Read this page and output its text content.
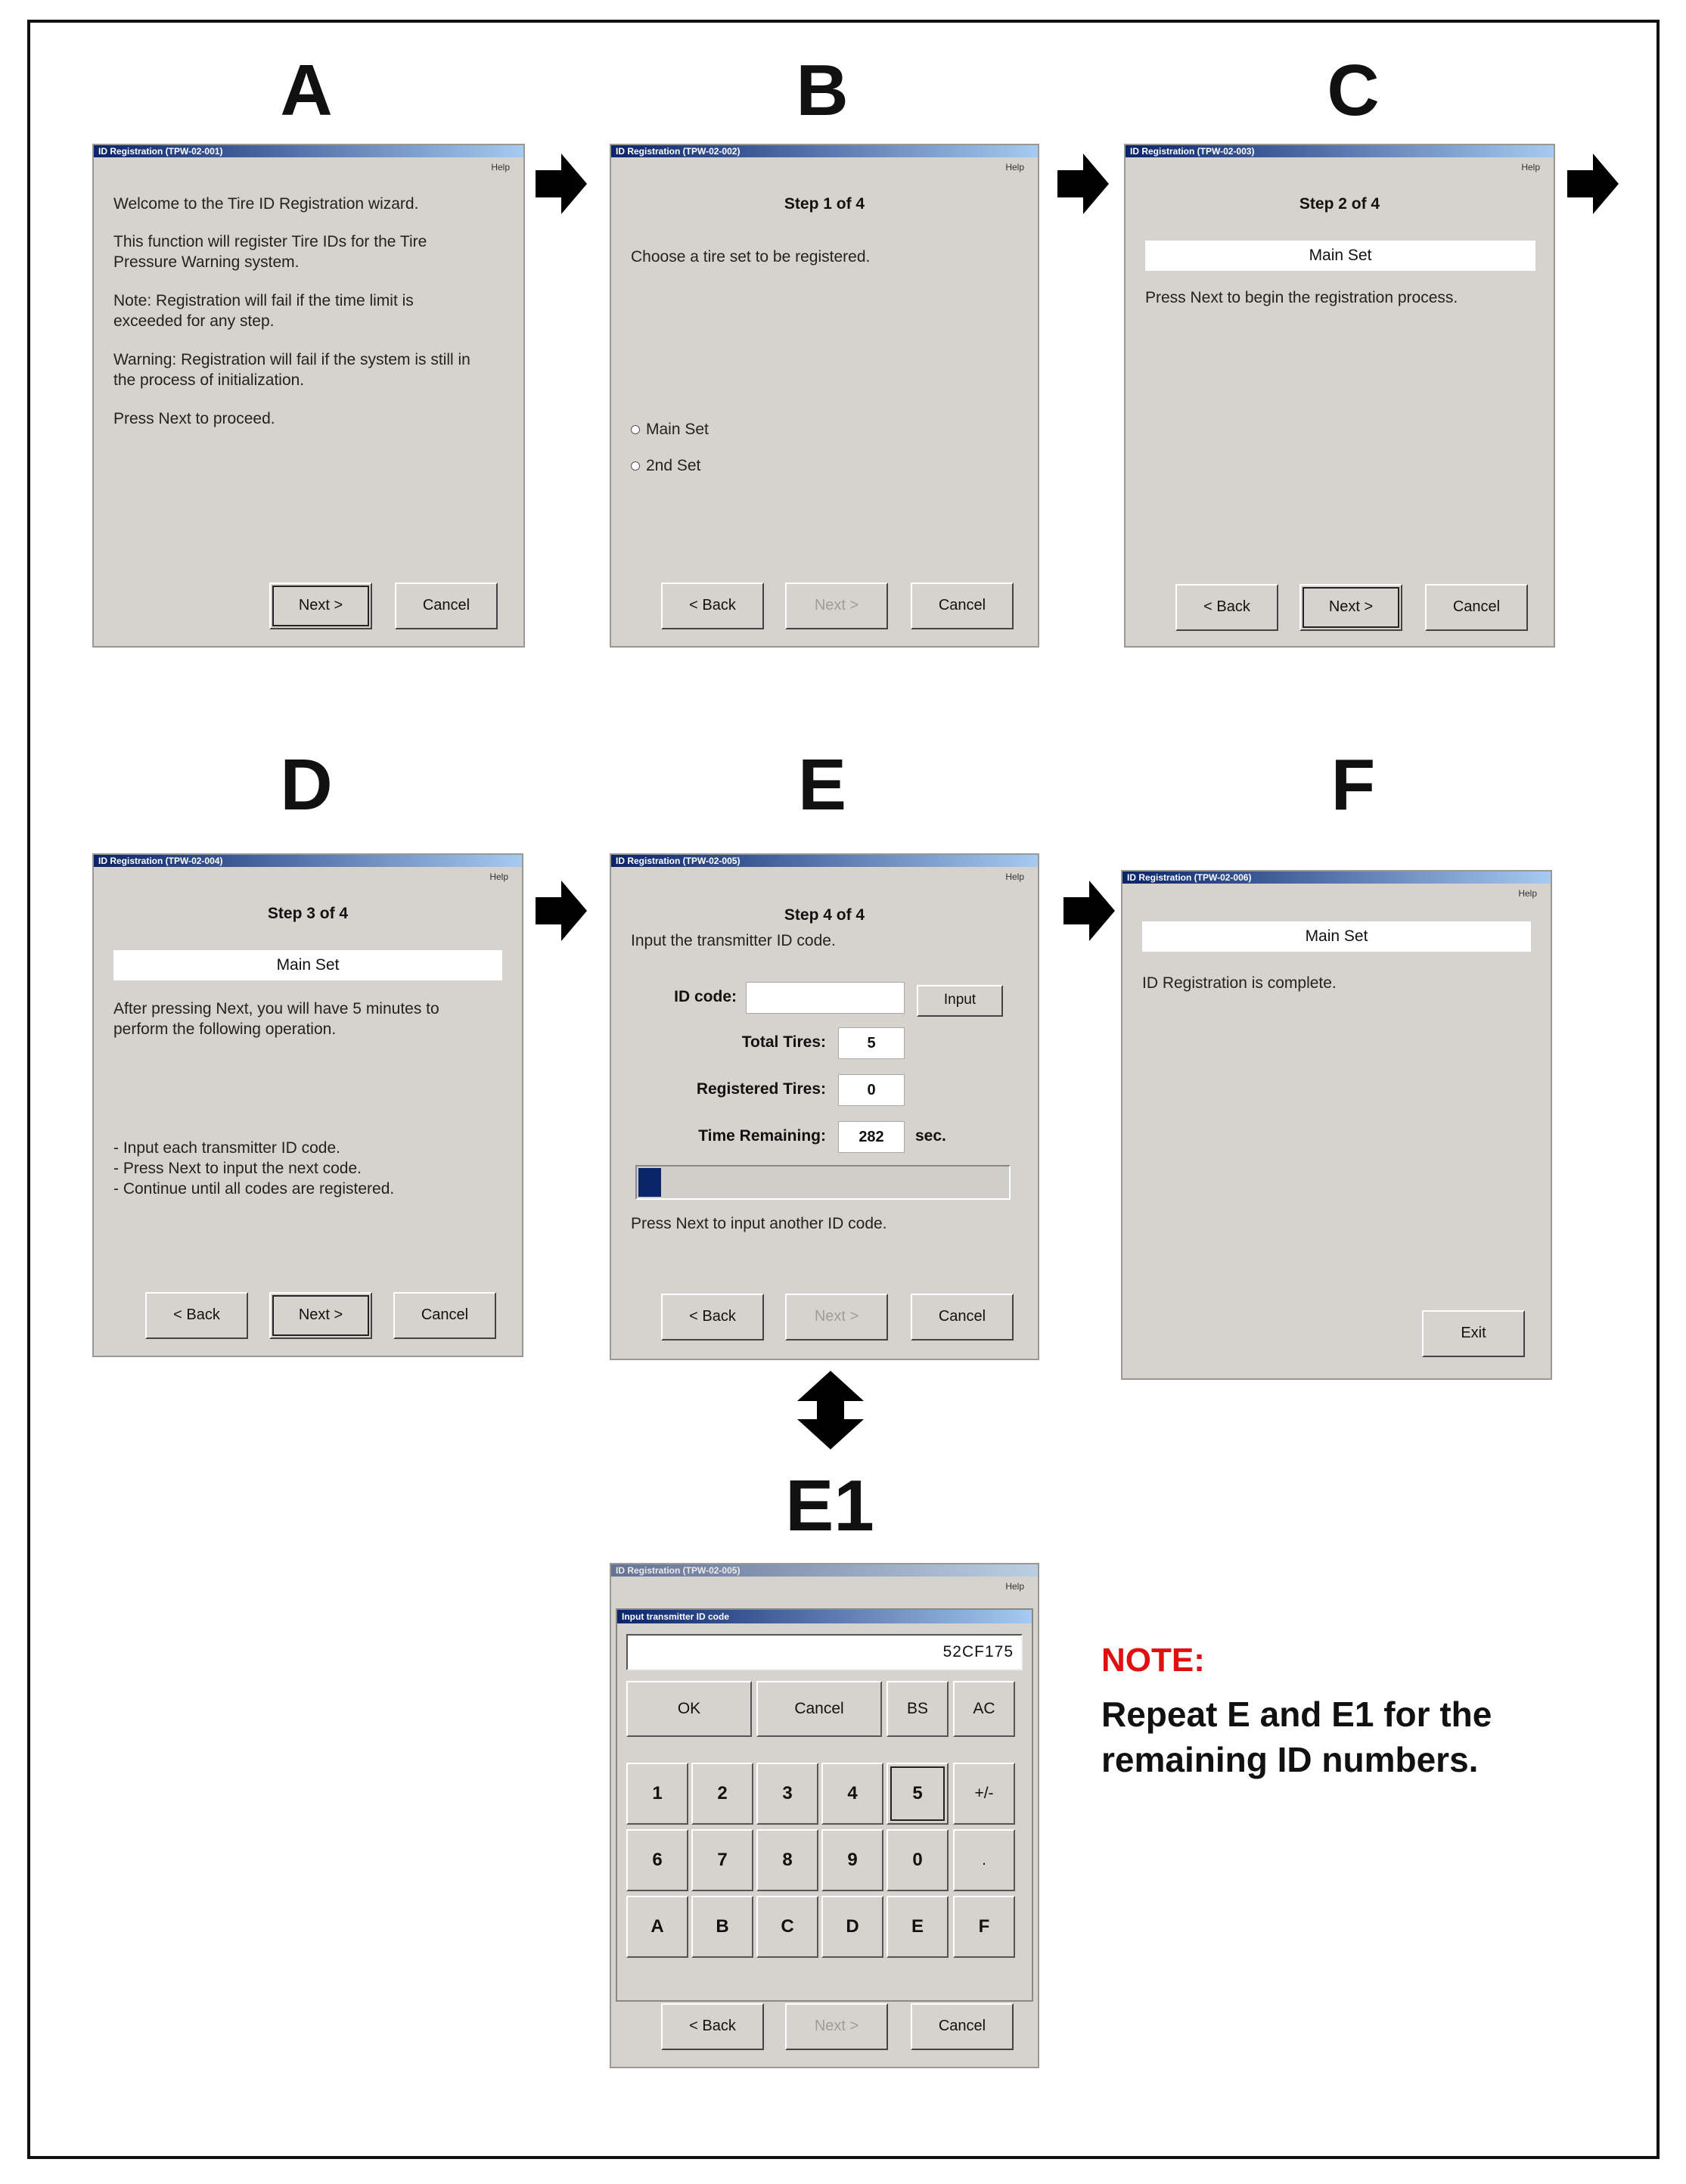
A	B	C
D	E	F
E1
ID Registration (TPW-02-001)
Help
Welcome to the Tire ID Registration wizard.
This function will register Tire IDs for the Tire
Pressure Warning system.
Note: Registration will fail if the time limit is
exceeded for any step.
Warning: Registration will fail if the system is still in
the process of initialization.
Press Next to proceed.
Next >	Cancel
ID Registration (TPW-02-002)
Help
Step 1 of 4
Choose a tire set to be registered.
Main Set
2nd Set
< Back	Next >	Cancel
ID Registration (TPW-02-003)
Help
Step 2 of 4
Main Set
Press Next to begin the registration process.
< Back	Next >	Cancel
ID Registration (TPW-02-004)
Help
Step 3 of 4
Main Set
After pressing Next, you will have 5 minutes to
perform the following operation.
- Input each transmitter ID code.
- Press Next to input the next code.
- Continue until all codes are registered.
< Back	Next >	Cancel
ID Registration (TPW-02-005)
Help
Step 4 of 4
Input the transmitter ID code.
ID code:	Input
Total Tires:	5
Registered Tires:	0
Time Remaining:	282	sec.
Press Next to input another ID code.
< Back	Next >	Cancel
ID Registration (TPW-02-006)
Help
Main Set
ID Registration is complete.
Exit
ID Registration (TPW-02-005)
Help
Input transmitter ID code
52CF175
OK	Cancel	BS	AC
1	2	3	4	5	+/-
6	7	8	9	0	.
A	B	C	D	E	F
< Back	Next >	Cancel
NOTE:
Repeat E and E1 for the remaining ID numbers.
